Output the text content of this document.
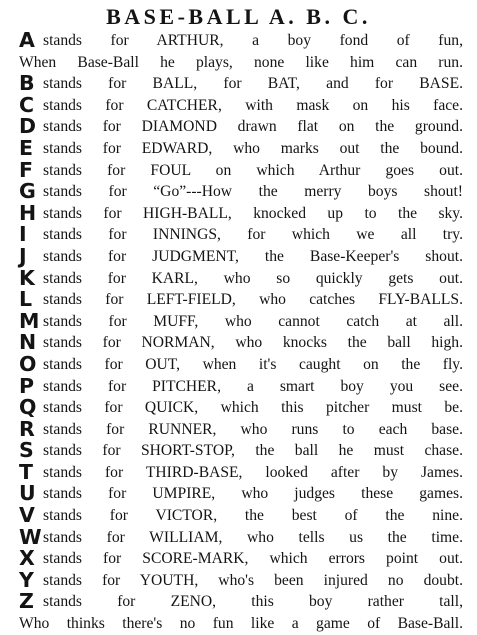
BASE-BALL A. B. C.
A stands for ARTHUR, a boy fond of fun,
When Base-Ball he plays, none like him can run.
B stands for BALL, for BAT, and for BASE.
C stands for CATCHER, with mask on his face.
D stands for DIAMOND drawn flat on the ground.
E stands for EDWARD, who marks out the bound.
F stands for FOUL on which Arthur goes out.
G stands for “Go”---How the merry boys shout!
H stands for HIGH-BALL, knocked up to the sky.
I	stands for INNINGS, for which we all try.
J	stands for JUDGMENT, the Base-Keeper's shout.
K stands for KARL, who so quickly gets out.
L stands for LEFT-FIELD, who catches FLY-BALLS.
M stands for MUFF, who cannot catch at all.
N stands for NORMAN, who knocks the ball high.
O stands for OUT, when it's caught on the fly.
P stands for PITCHER, a smart boy you see.
Q stands for QUICK, which this pitcher must be.
R stands for RUNNER, who runs to each base.
S stands for SHORT-STOP, the ball he must chase.
T stands for THIRD-BASE, looked after by James.
U stands for UMPIRE, who judges these games.
V stands for VICTOR, the best of the nine.
W stands for WILLIAM, who tells us the time.
X stands for SCORE-MARK, which errors point out.
Y stands for YOUTH, who's been injured no doubt.
Z stands for ZENO, this boy rather tall,
Who thinks there's no fun like a game of Base-Ball.
